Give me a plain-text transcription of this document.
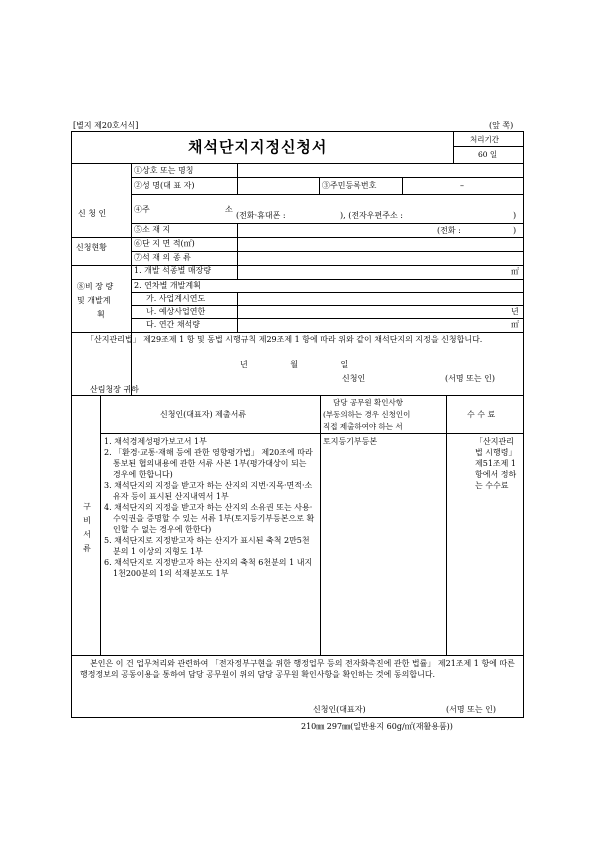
[별지 제20호서식]	(앞 쪽)
채석단지지정신청서	처리기간
60 일
신 청 인
①상호 또는 명칭
②성 명(대 표 자)	③주민등록번호	–
④주	소
(전화·휴대폰 :	), (전자우편주소 :	)
⑤소 재 지	(전화 :	)
신청현황	⑥단 지 면 적(㎡)
⑦석 재 의 종 류
⑧비 장 량
및 개발계
획
1. 개발 석종별 매장량	㎡
2. 연차별 개발계획
가. 사업계시연도
나. 예상사업연한	년
다. 연간 채석량	㎡
「산지관리법」 제29조제 1 항 및 동법 시행규칙 제29조제 1 항에 따라 위와 같이 채석단지의 지정을 신청합니다.
년 월 일
신청인	(서명 또는 인)
산림청장 귀하
구 비 서 류
신청인(대표자) 제출서류
담당 공무원 확인사항
(부동의하는 경우 신청인이
직접 제출하여야 하는 서
수 수 료
1. 채석경제성평가보고서 1부
2. 「환경·교통·재해 등에 관한 영향평가법」 제20조에 따라 통보된 협의내용에 관한 서류 사본 1부(평가대상이 되는 경우에 한합니다)
3. 채석단지의 지정을 받고자 하는 산지의 지번·지목·면적·소유자 등이 표시된 산지내역서 1부
4. 채석단지의 지정을 받고자 하는 산지의 소유권 또는 사용·수익권을 증명할 수 있는 서류 1부(토지등기부등본으로 확인할 수 없는 경우에 한한다)
5. 채석단지로 지정받고자 하는 산지가 표시된 축척 2만5천분의 1 이상의 지형도 1부
6. 채석단지로 지정받고자 하는 산지의 축척 6천분의 1 내지 1천200분의 1의 석재분포도 1부
토지등기부등본	「산지관리법 시행령」 제51조제 1 항에서 정하는 수수료
본인은 이 건 업무처리와 관련하여 「전자정부구현을 위한 행정업무 등의 전자화촉진에 관한 법률」 제21조제 1 항에 따른 행정정보의 공동이용을 통하여 담당 공무원이 위의 담당 공무원 확인사항을 확인하는 것에 동의합니다.
신청인(대표자)	(서명 또는 인)
210㎜ 297㎜(일반용지 60g/㎡(재활용품))
